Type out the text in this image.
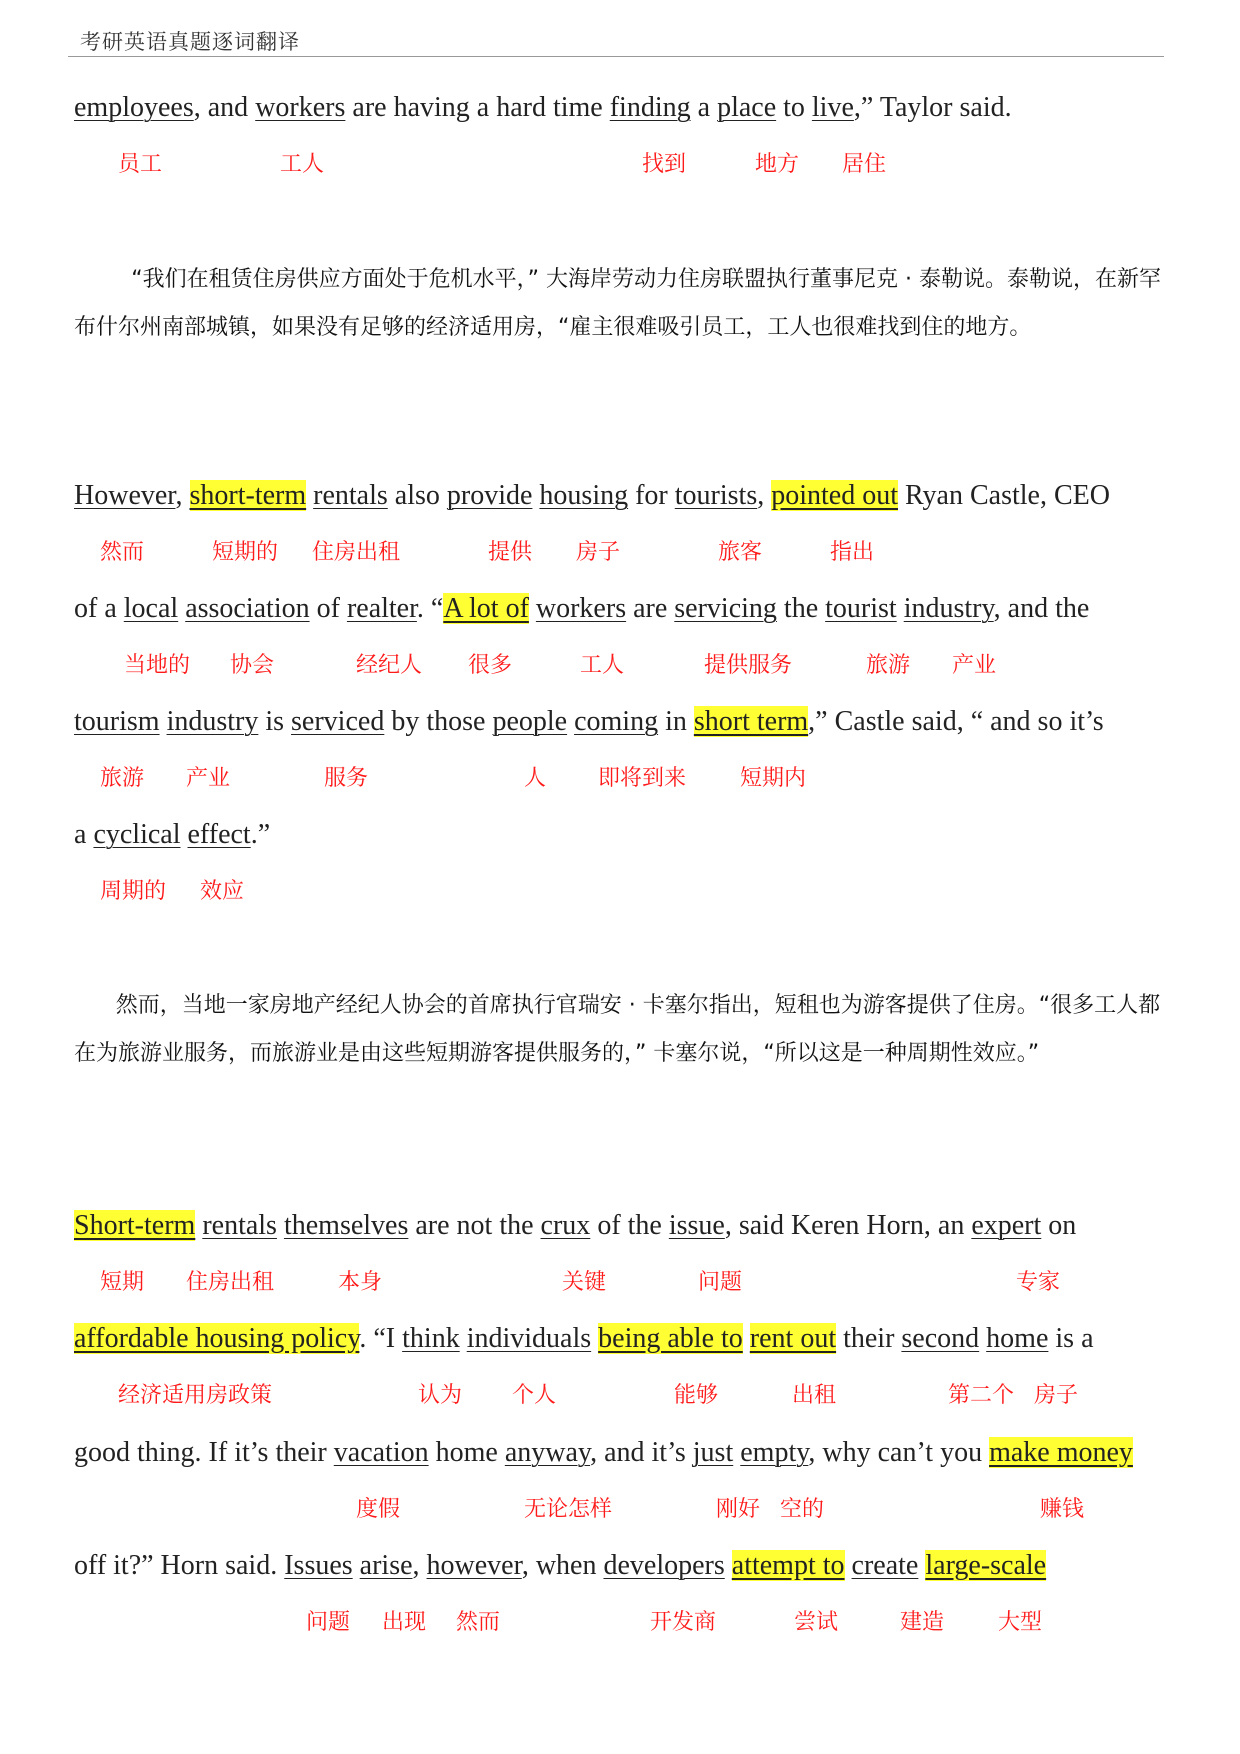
考研英语真题逐词翻译
employees, and workers are having a hard time finding a place to live,” Taylor said.
员工	工人	找到	地方 居住

“我们在租赁住房供应方面处于危机水平，” 大海岸劳动力住房联盟执行董事尼克 · 泰勒说。泰勒说，在新罕布什尔州南部城镇，如果没有足够的经济适用房，“雇主很难吸引员工，工人也很难找到住的地方。

However, short-term rentals also provide housing for tourists, pointed out Ryan Castle, CEO
然而	短期的 住房出租	提供 房子	旅客	指出
of a local association of realter. “A lot of workers are servicing the tourist industry, and the
当地的 协会	经纪人 很多	工人	提供服务	旅游 产业
tourism industry is serviced by those people coming in short term,” Castle said, “ and so it’s
旅游 产业	服务	人 即将到来 短期内
a cyclical effect.”
周期的 效应

然而，当地一家房地产经纪人协会的首席执行官瑞安 · 卡塞尔指出，短租也为游客提供了住房。“很多工人都在为旅游业服务，而旅游业是由这些短期游客提供服务的，” 卡塞尔说，“所以这是一种周期性效应。”

Short-term rentals themselves are not the crux of the issue, said Keren Horn, an expert on
短期 住房出租	本身	关键	问题	专家
affordable housing policy. “I think individuals being able to rent out their second home is a
经济适用房政策	认为 个人	能够	出租	第二个 房子
good thing. If it’s their vacation home anyway, and it’s just empty, why can’t you make money
度假	无论怎样	刚好 空的	赚钱
off it?” Horn said. Issues arise, however, when developers attempt to create large-scale
问题 出现 然而	开发商	尝试	建造 大型
